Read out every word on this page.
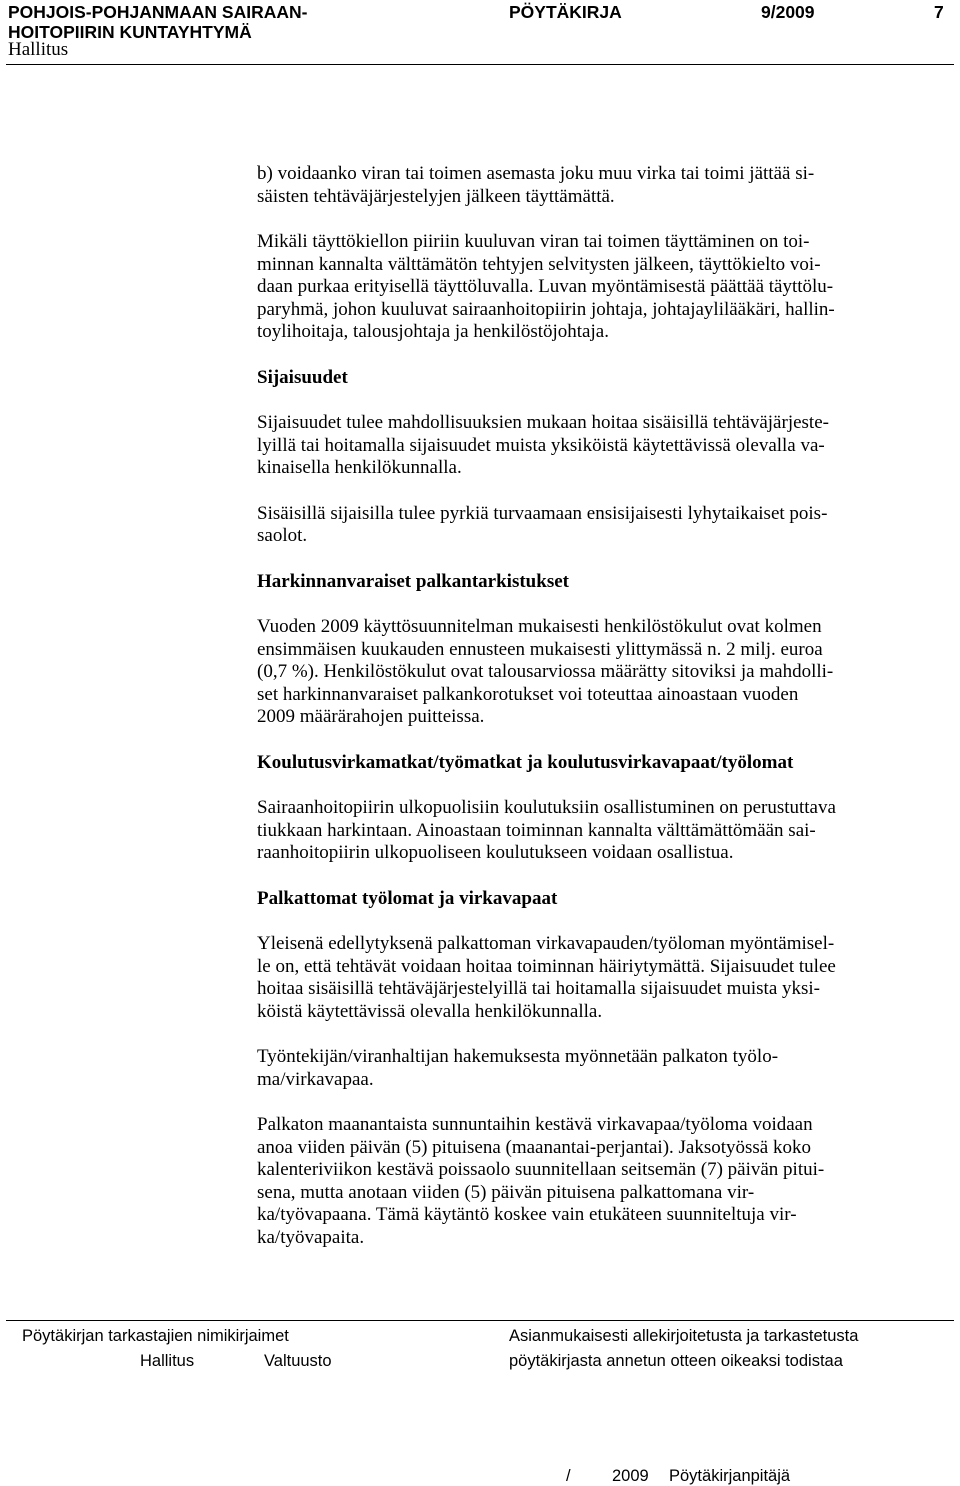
POHJOIS-POHJANMAAN SAIRAAN-
HOITOPIIRIN KUNTAYHTYMÄ
PÖYTÄKIRJA	9/2009	7
Hallitus
b) voidaanko viran tai toimen asemasta joku muu virka tai toimi jättää si-
säisten tehtäväjärjestelyjen jälkeen täyttämättä.
Mikäli täyttökiellon piiriin kuuluvan viran tai toimen täyttäminen on toi-
minnan kannalta välttämätön tehtyjen selvitysten jälkeen, täyttökielto voi-
daan purkaa erityisellä täyttöluvalla. Luvan myöntämisestä päättää täyttölu-
paryhmä, johon kuuluvat sairaanhoitopiirin johtaja, johtajaylilääkäri, hallin-
toylihoitaja, talousjohtaja ja henkilöstöjohtaja.
Sijaisuudet
Sijaisuudet tulee mahdollisuuksien mukaan hoitaa sisäisillä tehtäväjärjeste-
lyillä tai hoitamalla sijaisuudet muista yksiköistä käytettävissä olevalla va-
kinaisella henkilökunnalla.
Sisäisillä sijaisilla tulee pyrkiä turvaamaan ensisijaisesti lyhytaikaiset pois-
saolot.
Harkinnanvaraiset palkantarkistukset
Vuoden 2009 käyttösuunnitelman mukaisesti henkilöstökulut ovat kolmen
ensimmäisen kuukauden ennusteen mukaisesti ylittymässä n. 2 milj. euroa
(0,7 %). Henkilöstökulut ovat talousarviossa määrätty sitoviksi ja mahdolli-
set harkinnanvaraiset palkankorotukset voi toteuttaa ainoastaan vuoden
2009 määrärahojen puitteissa.
Koulutusvirkamatkat/työmatkat ja koulutusvirkavapaat/työlomat
Sairaanhoitopiirin ulkopuolisiin koulutuksiin osallistuminen on perustuttava
tiukkaan harkintaan. Ainoastaan toiminnan kannalta välttämättömään sai-
raanhoitopiirin ulkopuoliseen koulutukseen voidaan osallistua.
Palkattomat työlomat ja virkavapaat
Yleisenä edellytyksenä palkattoman virkavapauden/työloman myöntämisel-
le on, että tehtävät voidaan hoitaa toiminnan häiriytymättä. Sijaisuudet tulee
hoitaa sisäisillä tehtäväjärjestelyillä tai hoitamalla sijaisuudet muista yksi-
köistä käytettävissä olevalla henkilökunnalla.
Työntekijän/viranhaltijan hakemuksesta myönnetään palkaton työlo-
ma/virkavapaa.
Palkaton maanantaista sunnuntaihin kestävä virkavapaa/työloma voidaan
anoa viiden päivän (5) pituisena (maanantai-perjantai). Jaksotyössä koko
kalenteriviikon kestävä poissaolo suunnitellaan seitsemän (7) päivän pitui-
sena, mutta anotaan viiden (5) päivän pituisena palkattomana vir-
ka/työvapaana. Tämä käytäntö koskee vain etukäteen suunniteltuja vir-
ka/työvapaita.
Pöytäkirjan tarkastajien nimikirjaimet
Hallitus	Valtuusto
Asianmukaisesti allekirjoitetusta ja tarkastetusta
pöytäkirjasta annetun otteen oikeaksi todistaa
/	2009 Pöytäkirjanpitäjä
